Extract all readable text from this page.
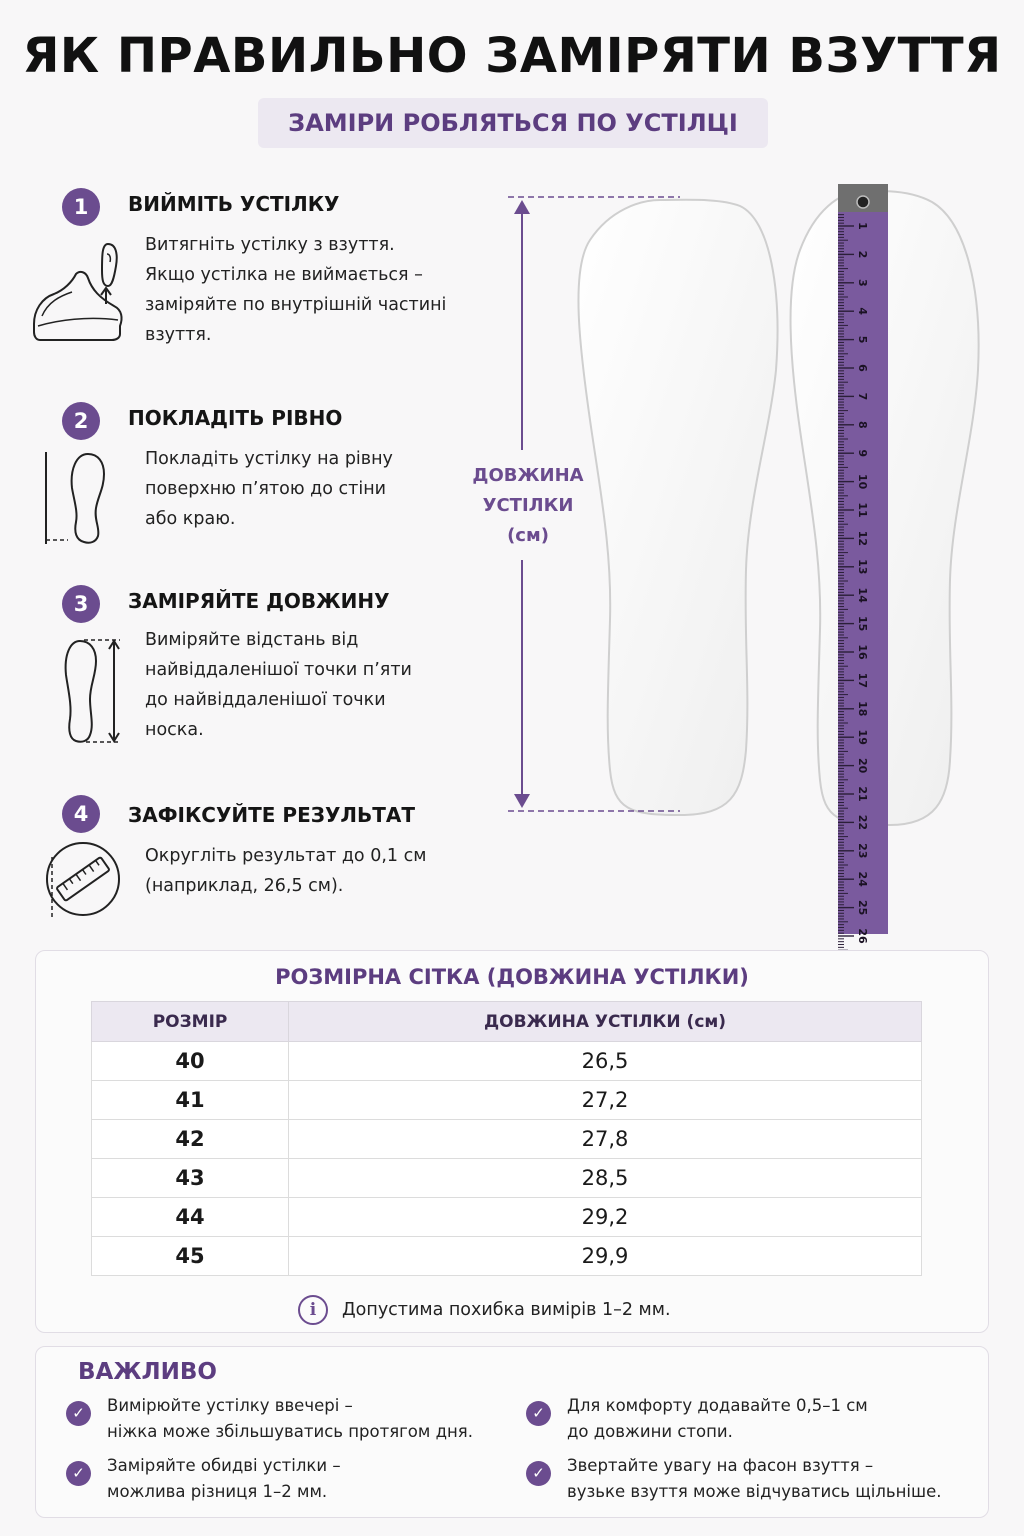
ЯК ПРАВИЛЬНО ЗАМІРЯТИ ВЗУТТЯ
ЗАМІРИ РОБЛЯТЬСЯ ПО УСТІЛЦІ
1	ВИЙМІТЬ УСТІЛКУ
Витягніть устілку з взуття.
Якщо устілка не виймається –
заміряйте по внутрішній частині
взуття.
2	ПОКЛАДІТЬ РІВНО
Покладіть устілку на рівну
поверхню п’ятою до стіни
або краю.
3	ЗАМІРЯЙТЕ ДОВЖИНУ
Виміряйте відстань від
найвіддаленішої точки п’яти
до найвіддаленішої точки
носка.
4	ЗАФІКСУЙТЕ РЕЗУЛЬТАТ
Округліть результат до 0,1 см
(наприклад, 26,5 см).
ДОВЖИНА
УСТІЛКИ
(см)
1
2
3
4
5
6
7
8
9
10
11
12
13
14
15
16
17
18
19
20
21
22
23
24
25
26
РОЗМІРНА СІТКА (ДОВЖИНА УСТІЛКИ)
РОЗМІР	ДОВЖИНА УСТІЛКИ (см)
40	26,5
41	27,2
42	27,8
43	28,5
44	29,2
45	29,9
i	Допустима похибка вимірів 1–2 мм.
ВАЖЛИВО
✓	Вимірюйте устілку ввечері –
ніжка може збільшуватись протягом дня.
✓	Заміряйте обидві устілки –
можлива різниця 1–2 мм.
✓	Для комфорту додавайте 0,5–1 см
до довжини стопи.
✓	Звертайте увагу на фасон взуття –
вузьке взуття може відчуватись щільніше.
